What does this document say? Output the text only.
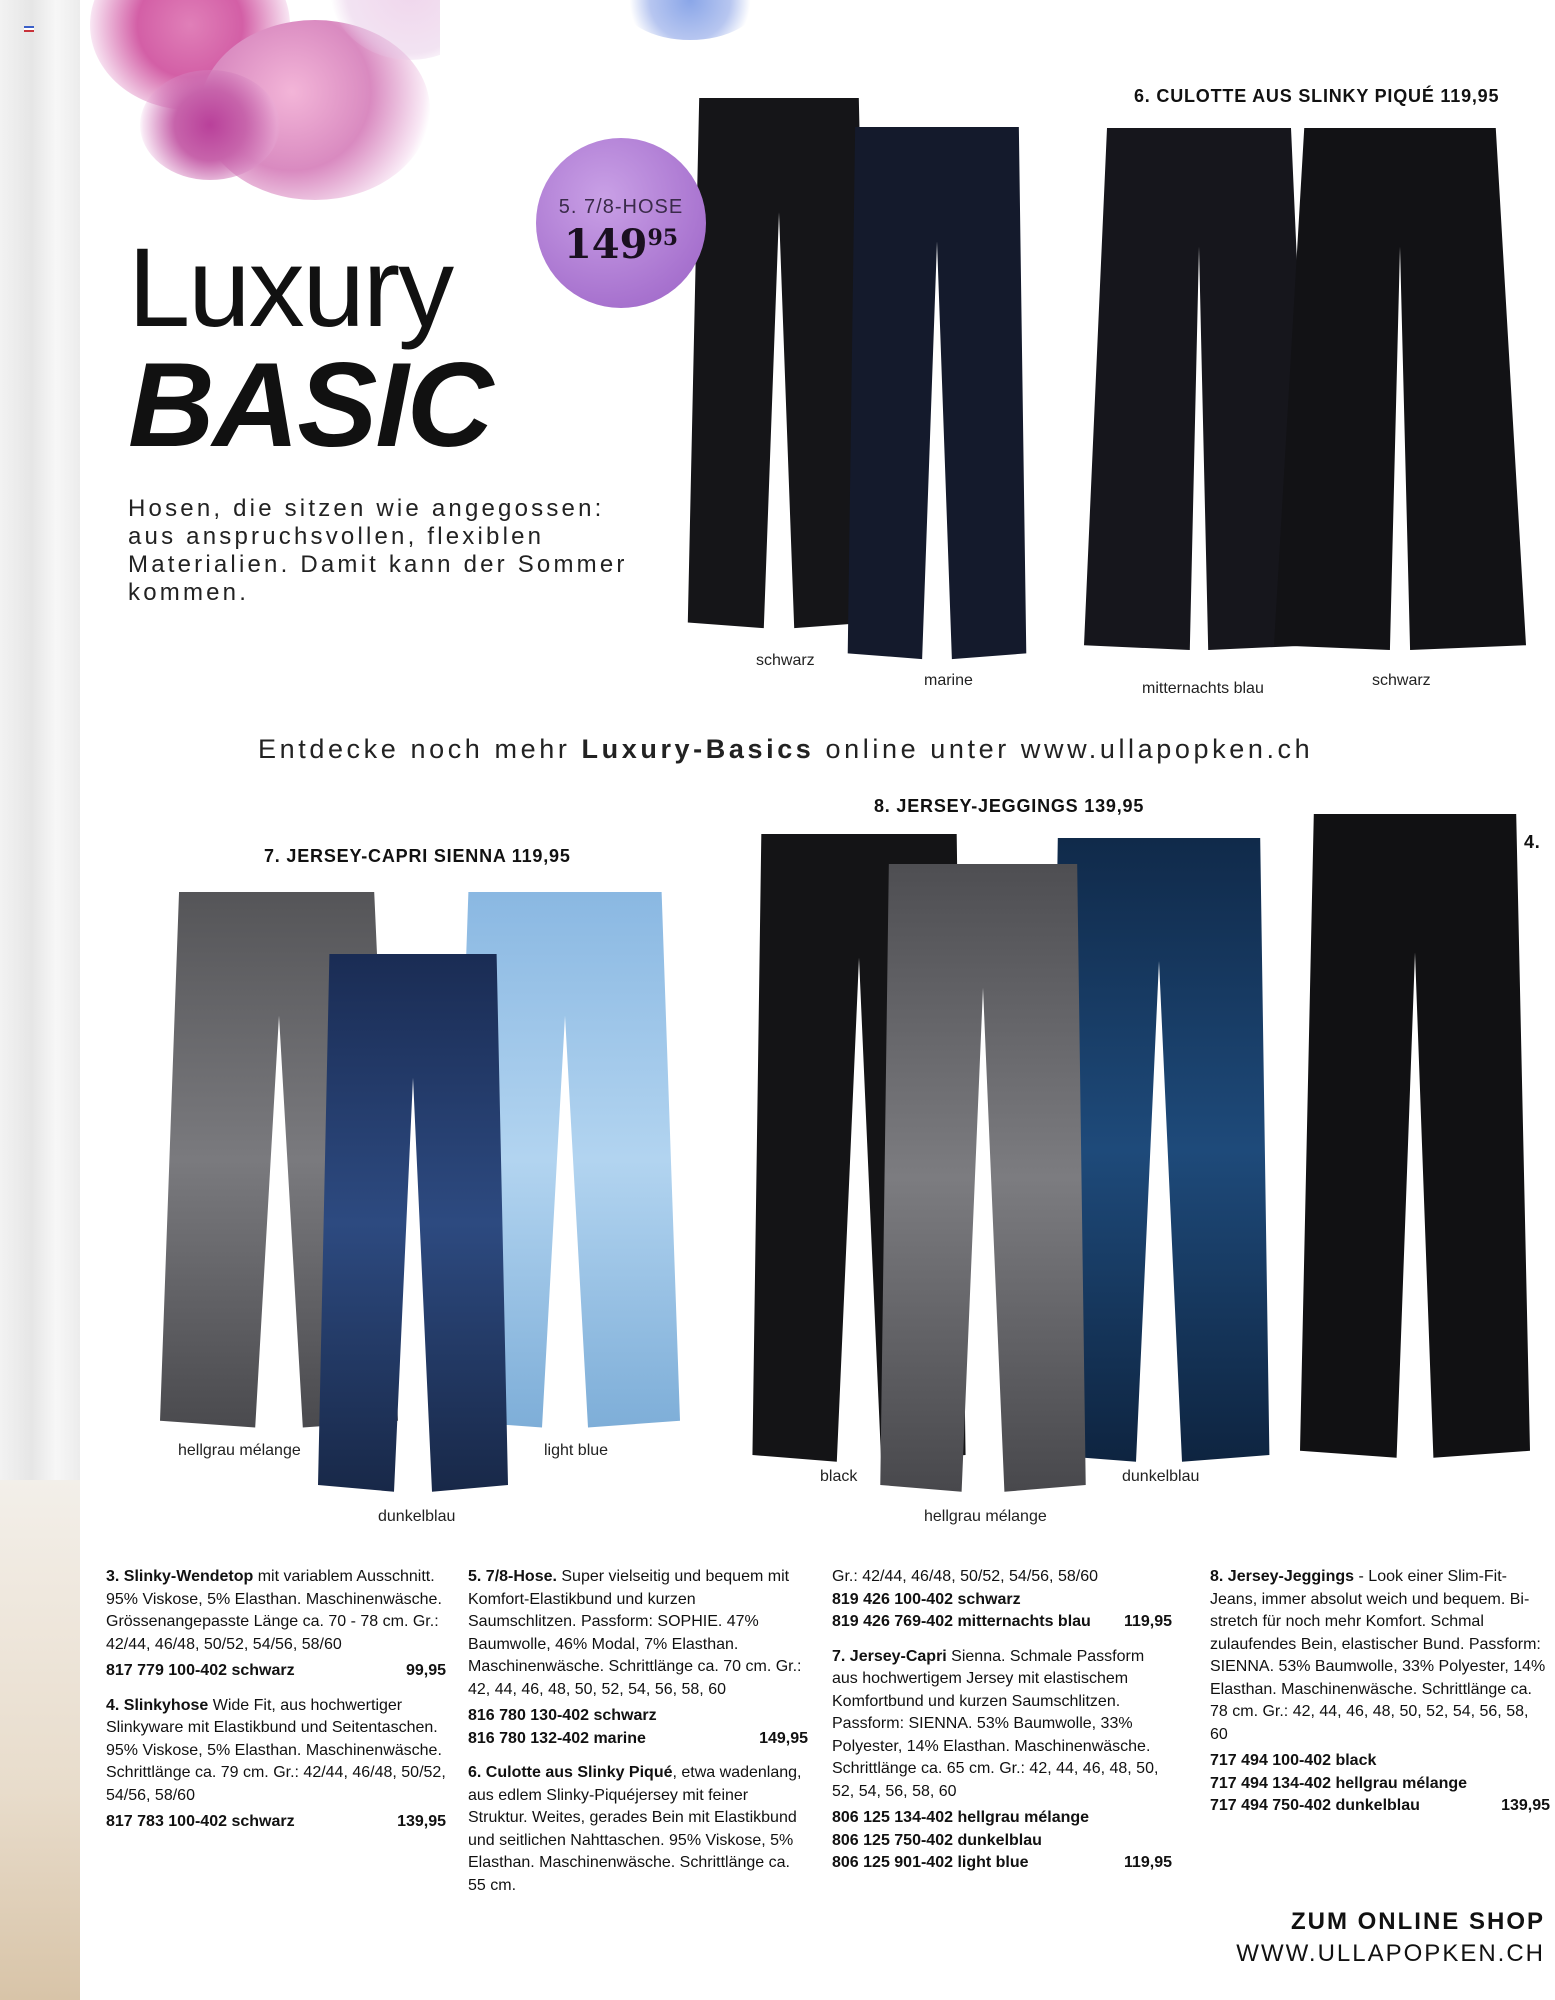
Luxury
BASIC
Hosen, die sitzen wie angegossen: aus anspruchsvollen, flexiblen Materialien. Damit kann der Sommer kommen.
5. 7/8-HOSE
$149^{95}$
6. CULOTTE AUS SLINKY PIQUÉ 119,95
schwarz
marine	mitternachts blau	schwarz
Entdecke noch mehr Luxury-Basics online unter www.ullapopken.ch
8. JERSEY-JEGGINGS 139,95
7. JERSEY-CAPRI SIENNA 119,95
4.
hellgrau mélange	light blue
dunkelblau
black	dunkelblau
hellgrau mélange

3. Slinky-Wendetop mit variablem Ausschnitt. 95% Viskose, 5% Elasthan. Maschinenwäsche. Grössenangepasste Länge ca. 70 - 78 cm. Gr.: 42/44, 46/48, 50/52, 54/56, 58/60

817 779 100-402 schwarz	99,95

4. Slinkyhose Wide Fit, aus hochwertiger Slinkyware mit Elastikbund und Seitentaschen. 95% Viskose, 5% Elasthan. Maschinenwäsche. Schrittlänge ca. 79 cm. Gr.: 42/44, 46/48, 50/52, 54/56, 58/60

817 783 100-402 schwarz	139,95

5. 7/8-Hose. Super vielseitig und bequem mit Komfort-Elastikbund und kurzen Saumschlitzen. Passform: SOPHIE. 47% Baumwolle, 46% Modal, 7% Elasthan. Maschinenwäsche. Schrittlänge ca. 70 cm. Gr.: 42, 44, 46, 48, 50, 52, 54, 56, 58, 60

816 780 130-402 schwarz
816 780 132-402 marine	149,95

6. Culotte aus Slinky Piqué, etwa wadenlang, aus edlem Slinky-Piquéjersey mit feiner Struktur. Weites, gerades Bein mit Elastikbund und seitlichen Nahttaschen. 95% Viskose, 5% Elasthan. Maschinenwäsche. Schrittlänge ca. 55 cm.

Gr.: 42/44, 46/48, 50/52, 54/56, 58/60

819 426 100-402 schwarz
819 426 769-402 mitternachts blau 119,95

7. Jersey-Capri Sienna. Schmale Passform aus hochwertigem Jersey mit elastischem Komfortbund und kurzen Saumschlitzen. Passform: SIENNA. 53% Baumwolle, 33% Polyester, 14% Elasthan. Maschinenwäsche. Schrittlänge ca. 65 cm. Gr.: 42, 44, 46, 48, 50, 52, 54, 56, 58, 60

806 125 134-402 hellgrau mélange
806 125 750-402 dunkelblau
806 125 901-402 light blue	119,95

8. Jersey-Jeggings - Look einer Slim-Fit-Jeans, immer absolut weich und bequem. Bi-stretch für noch mehr Komfort. Schmal zulaufendes Bein, elastischer Bund. Passform: SIENNA. 53% Baumwolle, 33% Polyester, 14% Elasthan. Maschinenwäsche. Schrittlänge ca. 78 cm. Gr.: 42, 44, 46, 48, 50, 52, 54, 56, 58, 60

717 494 100-402 black
717 494 134-402 hellgrau mélange
717 494 750-402 dunkelblau	139,95
ZUM ONLINE SHOP
WWW.ULLAPOPKEN.CH
